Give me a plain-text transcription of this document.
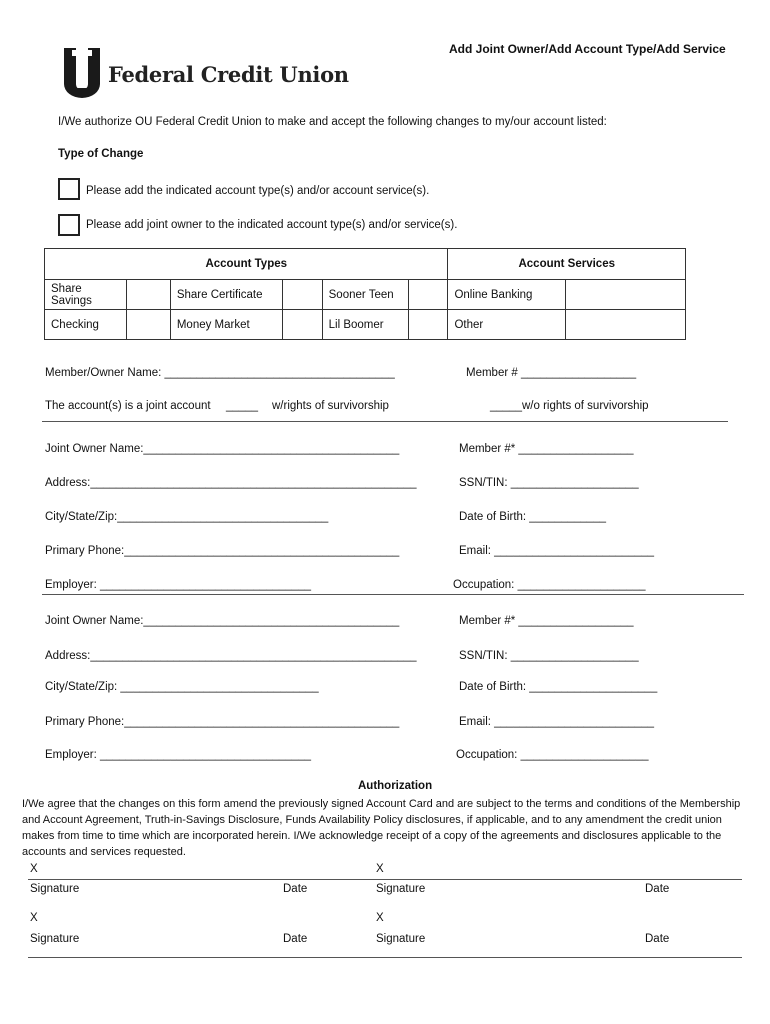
Add Joint Owner/Add Account Type/Add Service
Federal Credit Union
I/We authorize OU Federal Credit Union to make and accept the following changes to my/our account listed:
Type of Change
Please add the indicated account type(s) and/or account service(s).
Please add joint owner to the indicated account type(s) and/or service(s).
Account Types						Account Services	
Share Savings		Share Certificate		Sooner Teen		Online Banking	
Checking		Money Market		Lil Boomer		Other	
Member/Owner Name: ____________________________________	Member # __________________
The account(s) is a joint account _____ w/rights of survivorship	_____w/o rights of survivorship
Joint Owner Name:________________________________________	Member #* __________________
Address:___________________________________________________	SSN/TIN: ____________________
City/State/Zip:_________________________________	Date of Birth: ____________
Primary Phone:___________________________________________	Email: _________________________
Employer: _________________________________	Occupation: ____________________
Joint Owner Name:________________________________________	Member #* __________________
Address:___________________________________________________	SSN/TIN: ____________________
City/State/Zip: _______________________________	Date of Birth: ____________________
Primary Phone:___________________________________________	Email: _________________________
Employer: _________________________________	Occupation: ____________________
Authorization
I/We agree that the changes on this form amend the previously signed Account Card and are subject to the terms and conditions of the Membership and Account Agreement, Truth-in-Savings Disclosure, Funds Availability Policy disclosures, if applicable, and to any amendment the credit union makes from time to time which are incorporated herein. I/We acknowledge receipt of a copy of the agreements and disclosures applicable to the accounts and services requested.
X	X
Signature	Date	Signature	Date
X	X
Signature	Date	Signature	Date
